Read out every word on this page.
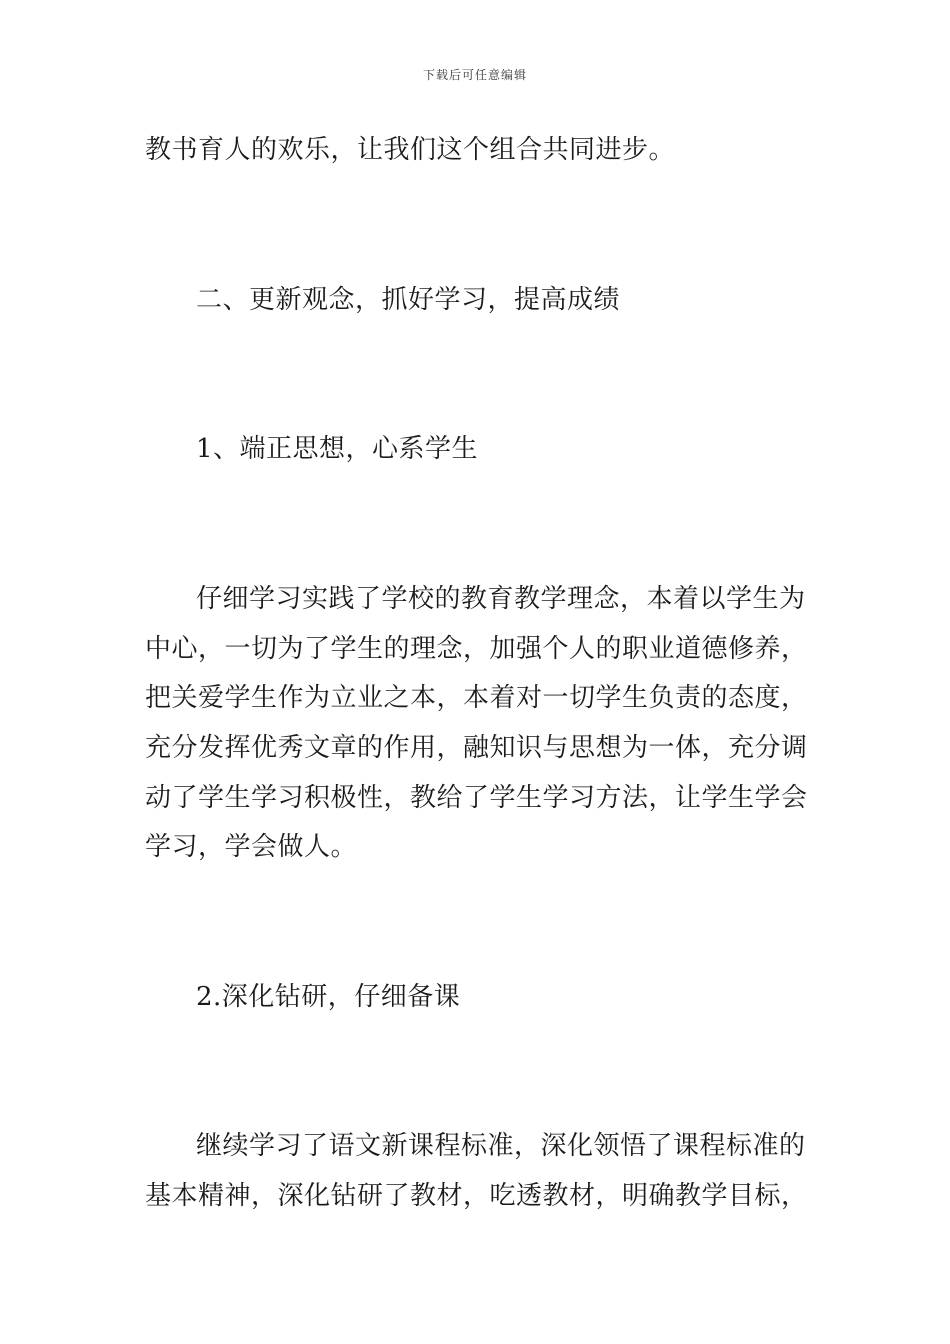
下载后可任意编辑
教书育人的欢乐，让我们这个组合共同进步。
二、更新观念，抓好学习，提高成绩
1、端正思想，心系学生
仔细学习实践了学校的教育教学理念，本着以学生为
中心，一切为了学生的理念，加强个人的职业道德修养，
把关爱学生作为立业之本，本着对一切学生负责的态度，
充分发挥优秀文章的作用，融知识与思想为一体，充分调
动了学生学习积极性，教给了学生学习方法，让学生学会
学习，学会做人。
2.深化钻研，仔细备课
继续学习了语文新课程标准，深化领悟了课程标准的
基本精神，深化钻研了教材，吃透教材，明确教学目标，
